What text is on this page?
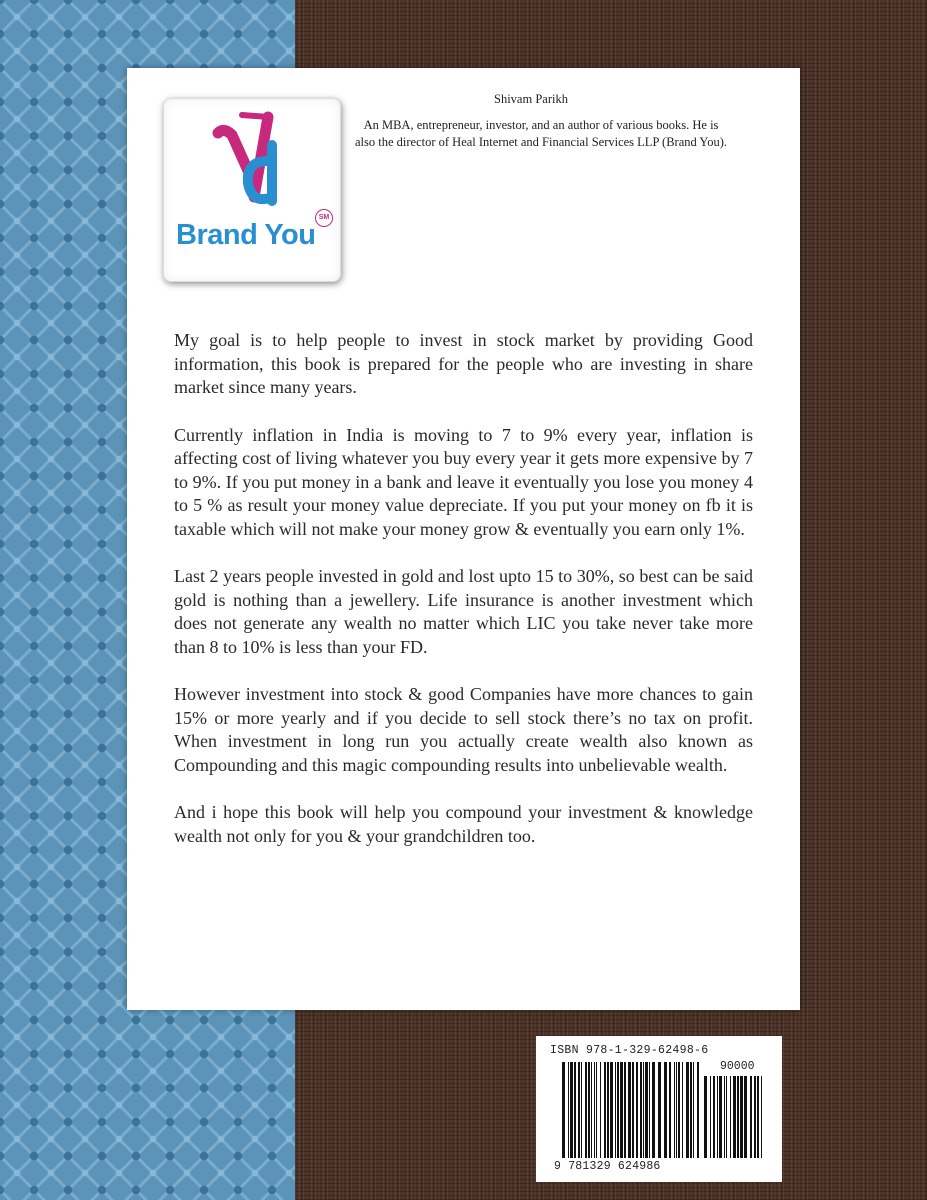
SM
Brand You
Shivam Parikh
An MBA, entrepreneur, investor, and an author of various books. He is also the director of Heal Internet and Financial Services LLP (Brand You).

My goal is to help people to invest in stock market by providing Good information, this book is prepared for the people who are investing in share market since many years.

Currently inflation in India is moving to 7 to 9% every year, inflation is affecting cost of living whatever you buy every year it gets more expensive by 7 to 9%. If you put money in a bank and leave it eventually you lose you money 4 to 5 % as result your money value depreciate. If you put your money on fb it is taxable which will not make your money grow & eventually you earn only 1%.

Last 2 years people invested in gold and lost upto 15 to 30%, so best can be said gold is nothing than a jewellery. Life insurance is another investment which does not generate any wealth no matter which LIC you take never take more than 8 to 10% is less than your FD.

However investment into stock & good Companies have more chances to gain 15% or more yearly and if you decide to sell stock there’s no tax on profit. When investment in long run you actually create wealth also known as Compounding and this magic compounding results into unbelievable wealth.

And i hope this book will help you compound your investment & knowledge wealth not only for you & your grandchildren too.

ISBN 978-1-329-62498-6
90000
9 781329 624986
